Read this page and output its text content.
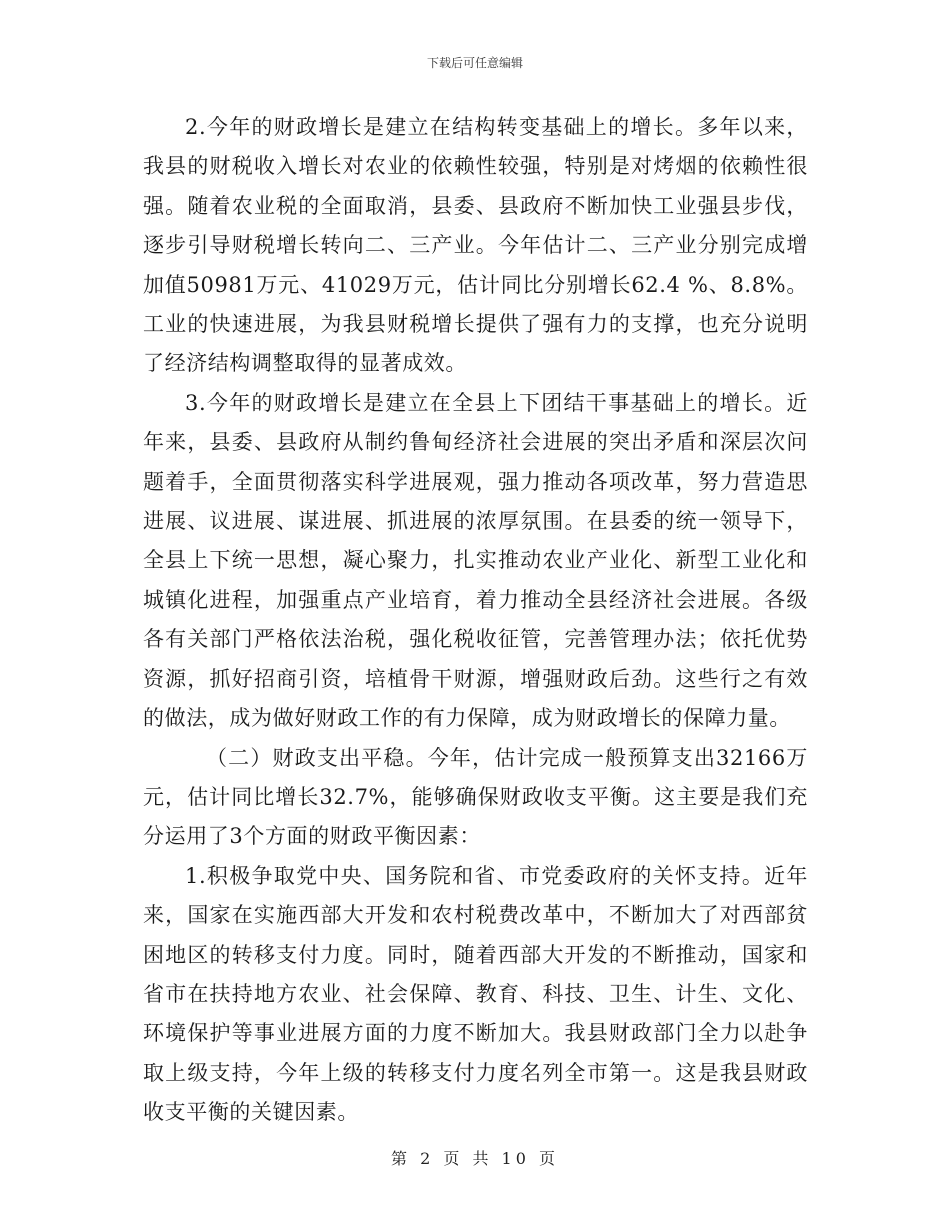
下载后可任意编辑

2.今年的财政增长是建立在结构转变基础上的增长。多年以来，我县的财税收入增长对农业的依赖性较强，特别是对烤烟的依赖性很强。随着农业税的全面取消，县委、县政府不断加快工业强县步伐，逐步引导财税增长转向二、三产业。今年估计二、三产业分别完成增加值50981万元、41029万元，估计同比分别增长62.4 %、8.8%。工业的快速进展，为我县财税增长提供了强有力的支撑，也充分说明了经济结构调整取得的显著成效。

3.今年的财政增长是建立在全县上下团结干事基础上的增长。近年来，县委、县政府从制约鲁甸经济社会进展的突出矛盾和深层次问题着手，全面贯彻落实科学进展观，强力推动各项改革，努力营造思进展、议进展、谋进展、抓进展的浓厚氛围。在县委的统一领导下，全县上下统一思想，凝心聚力，扎实推动农业产业化、新型工业化和城镇化进程，加强重点产业培育，着力推动全县经济社会进展。各级各有关部门严格依法治税，强化税收征管，完善管理办法；依托优势资源，抓好招商引资，培植骨干财源，增强财政后劲。这些行之有效的做法，成为做好财政工作的有力保障，成为财政增长的保障力量。

（二）财政支出平稳。今年，估计完成一般预算支出32166万元，估计同比增长32.7%，能够确保财政收支平衡。这主要是我们充分运用了3个方面的财政平衡因素：

1.积极争取党中央、国务院和省、市党委政府的关怀支持。近年来，国家在实施西部大开发和农村税费改革中，不断加大了对西部贫困地区的转移支付力度。同时，随着西部大开发的不断推动，国家和省市在扶持地方农业、社会保障、教育、科技、卫生、计生、文化、环境保护等事业进展方面的力度不断加大。我县财政部门全力以赴争取上级支持，今年上级的转移支付力度名列全市第一。这是我县财政收支平衡的关键因素。

第 2 页 共 10 页
